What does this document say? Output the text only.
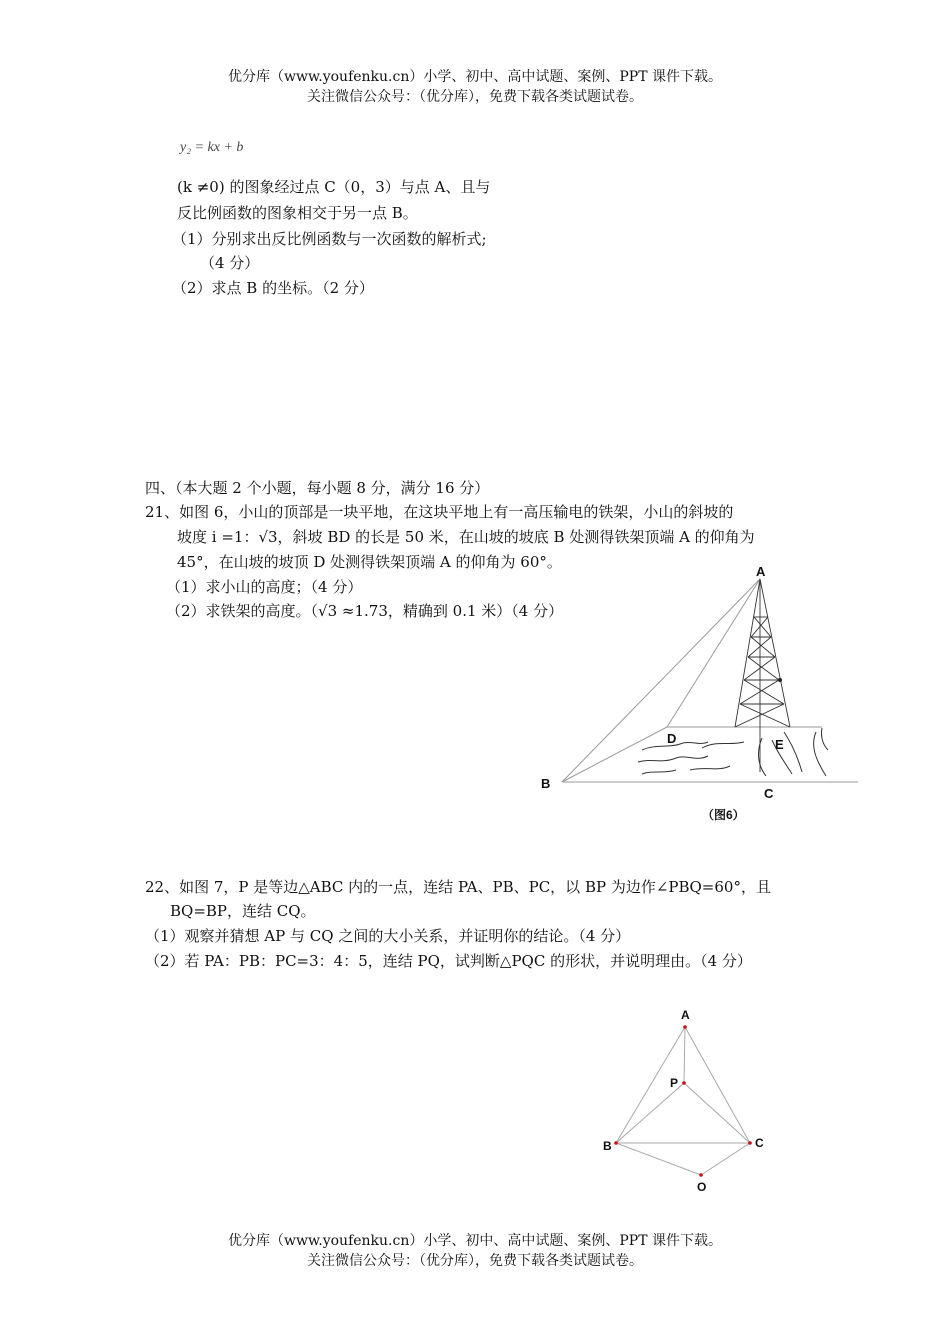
优分库（www.youfenku.cn）小学、初中、高中试题、案例、PPT 课件下载。
关注微信公众号：（优分库），免费下载各类试题试卷。
y₂ = kx + b
(k ≠0) 的图象经过点 C（0，3）与点 A、且与
反比例函数的图象相交于另一点 B。
（1）分别求出反比例函数与一次函数的解析式;
（4 分）
（2）求点 B 的坐标。（2 分）
四、（本大题 2 个小题，每小题 8 分，满分 16 分）
21、如图 6，小山的顶部是一块平地，在这块平地上有一高压输电的铁架，小山的斜坡的
坡度 i =1：√3，斜坡 BD 的长是 50 米，在山坡的坡底 B 处测得铁架顶端 A 的仰角为
45°，在山坡的坡顶 D 处测得铁架顶端 A 的仰角为 60°。
（1）求小山的高度；（4 分）
（2）求铁架的高度。（√3 ≈1.73，精确到 0.1 米）（4 分）
A
B
C
D	E
（图6）
22、如图 7，P 是等边△ABC 内的一点，连结 PA、PB、PC，以 BP 为边作∠PBQ=60°，且
BQ=BP，连结 CQ。
（1）观察并猜想 AP 与 CQ 之间的大小关系，并证明你的结论。（4 分）
（2）若 PA：PB：PC=3：4：5，连结 PQ，试判断△PQC 的形状，并说明理由。（4 分）
A
P
B	C
O
优分库（www.youfenku.cn）小学、初中、高中试题、案例、PPT 课件下载。
关注微信公众号：（优分库），免费下载各类试题试卷。
